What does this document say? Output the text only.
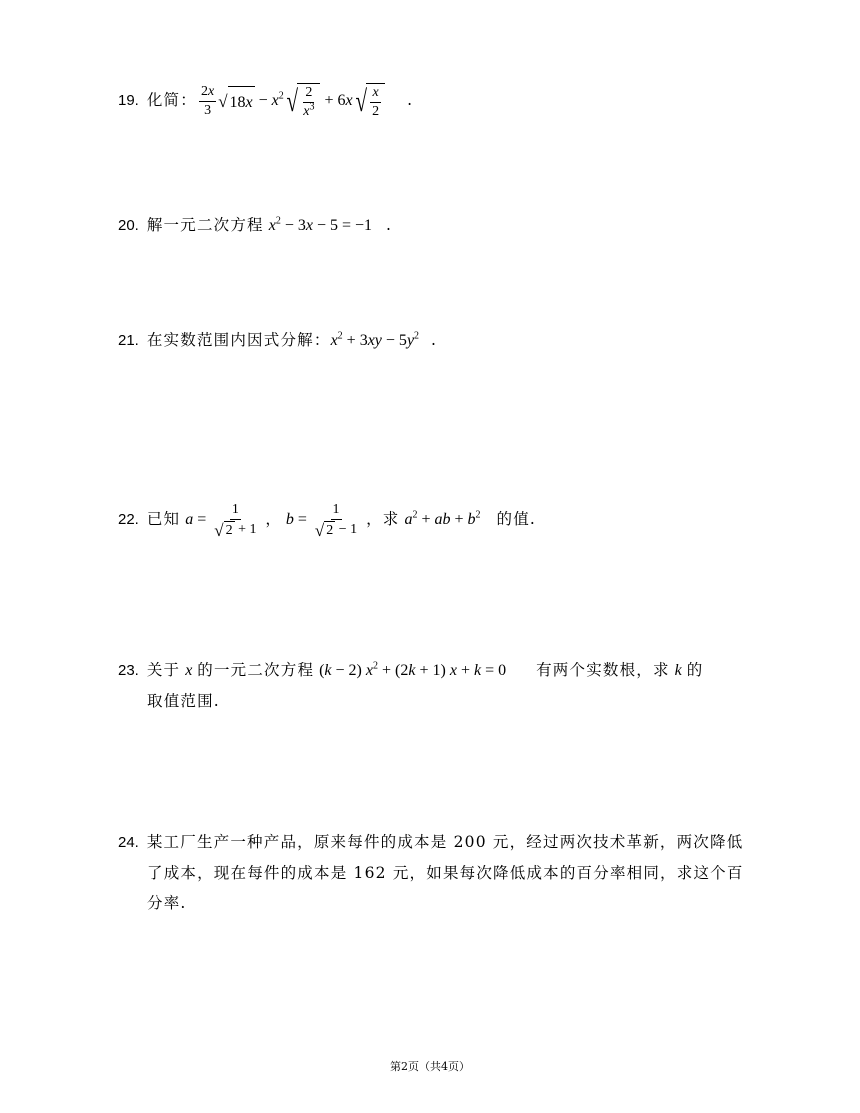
19. 化简： $\frac{2x}{3}$ √ $18x - x^2$ √ $\frac{2}{x^3} + 6x$ √ $\frac{x}{2}$ .
20. 解一元二次方程 $x^2 - 3x - 5 = -1$ .
21. 在实数范围内因式分解：$x^2 + 3xy - 5y^2$ .
22. 已知 $a = \frac{1}{√ 2 + 1}$ ， $b = \frac{1}{√ 2 - 1}$ ，求 $a^2$ + ab + $b^2$ 的值.
23. 关于 x 的一元二次方程 (k − 2) $x^2 + (2k + 1) x + k = 0$ 有两个实数根，求 k 的
取值范围.
24. 某工厂生产一种产品，原来每件的成本是 200 元，经过两次技术革新，两次降低
了成本，现在每件的成本是 162 元，如果每次降低成本的百分率相同，求这个百
分率.
第2页（共4页）
